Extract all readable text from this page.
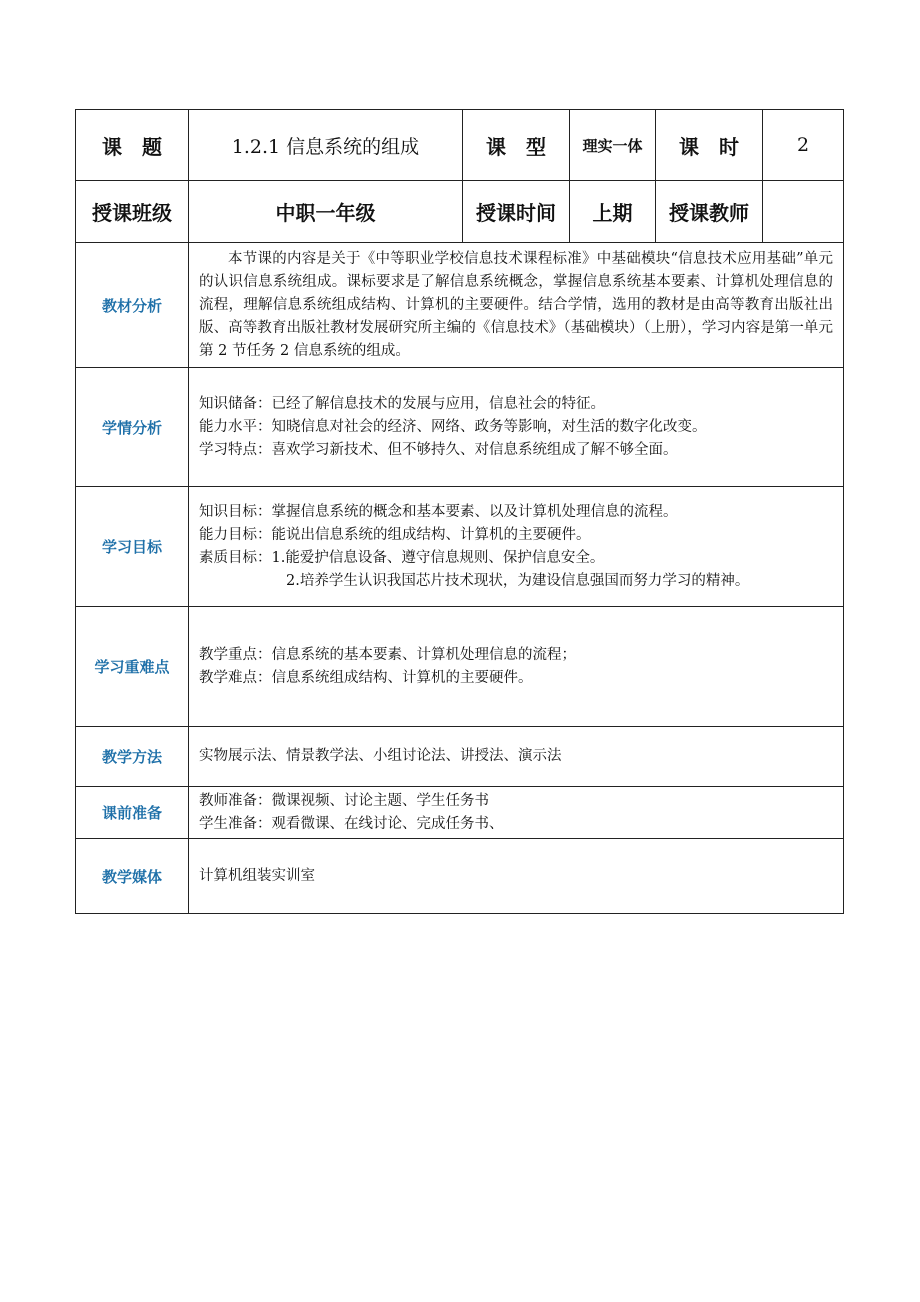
课　题	1.2.1 信息系统的组成	课　型	理实一体	课　时	2
授课班级	中职一年级	授课时间	上期	授课教师	
教材分析	本节课的内容是关于《中等职业学校信息技术课程标准》中基础模块“信息技术应用基础”单元的认识信息系统组成。课标要求是了解信息系统概念，掌握信息系统基本要素、计算机处理信息的流程，理解信息系统组成结构、计算机的主要硬件。结合学情，选用的教材是由高等教育出版社出版、高等教育出版社教材发展研究所主编的《信息技术》（基础模块）（上册），学习内容是第一单元第 2 节任务 2 信息系统的组成。				

学情分析	知识储备：已经了解信息技术的发展与应用，信息社会的特征。

能力水平：知晓信息对社会的经济、网络、政务等影响，对生活的数字化改变。

学习特点：喜欢学习新技术、但不够持久、对信息系统组成了解不够全面。				

学习目标	知识目标：掌握信息系统的概念和基本要素、以及计算机处理信息的流程。

能力目标：能说出信息系统的组成结构、计算机的主要硬件。

素质目标：1.能爱护信息设备、遵守信息规则、保护信息安全。

2.培养学生认识我国芯片技术现状，为建设信息强国而努力学习的精神。				

学习重难点	教学重点：信息系统的基本要素、计算机处理信息的流程；

教学难点：信息系统组成结构、计算机的主要硬件。				

教学方法	实物展示法、情景教学法、小组讨论法、讲授法、演示法				

课前准备	教师准备：微课视频、讨论主题、学生任务书

学生准备：观看微课、在线讨论、完成任务书、				

教学媒体	计算机组装实训室				
